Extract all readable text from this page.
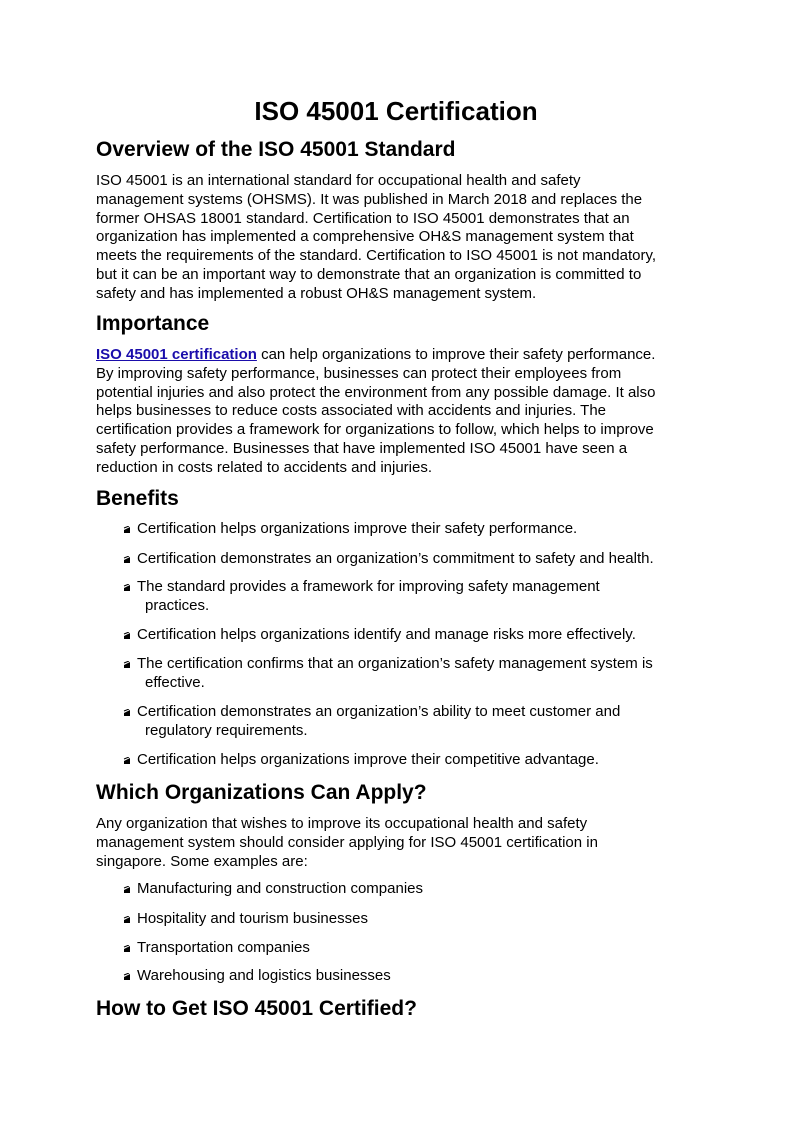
ISO 45001 Certification
Overview of the ISO 45001 Standard

ISO 45001 is an international standard for occupational health and safety
management systems (OHSMS). It was published in March 2018 and replaces the
former OHSAS 18001 standard. Certification to ISO 45001 demonstrates that an
organization has implemented a comprehensive OH&S management system that
meets the requirements of the standard. Certification to ISO 45001 is not mandatory,
but it can be an important way to demonstrate that an organization is committed to
safety and has implemented a robust OH&S management system.

Importance

ISO 45001 certification can help organizations to improve their safety performance.
By improving safety performance, businesses can protect their employees from
potential injuries and also protect the environment from any possible damage. It also
helps businesses to reduce costs associated with accidents and injuries. The
certification provides a framework for organizations to follow, which helps to improve
safety performance. Businesses that have implemented ISO 45001 have seen a
reduction in costs related to accidents and injuries.

Benefits
Certification helps organizations improve their safety performance.
Certification demonstrates an organization’s commitment to safety and health.
The standard provides a framework for improving safety management
practices.
Certification helps organizations identify and manage risks more effectively.
The certification confirms that an organization’s safety management system is
effective.
Certification demonstrates an organization’s ability to meet customer and
regulatory requirements.
Certification helps organizations improve their competitive advantage.
Which Organizations Can Apply?

Any organization that wishes to improve its occupational health and safety
management system should consider applying for ISO 45001 certification in
singapore. Some examples are:

Manufacturing and construction companies
Hospitality and tourism businesses
Transportation companies
Warehousing and logistics businesses
How to Get ISO 45001 Certified?
